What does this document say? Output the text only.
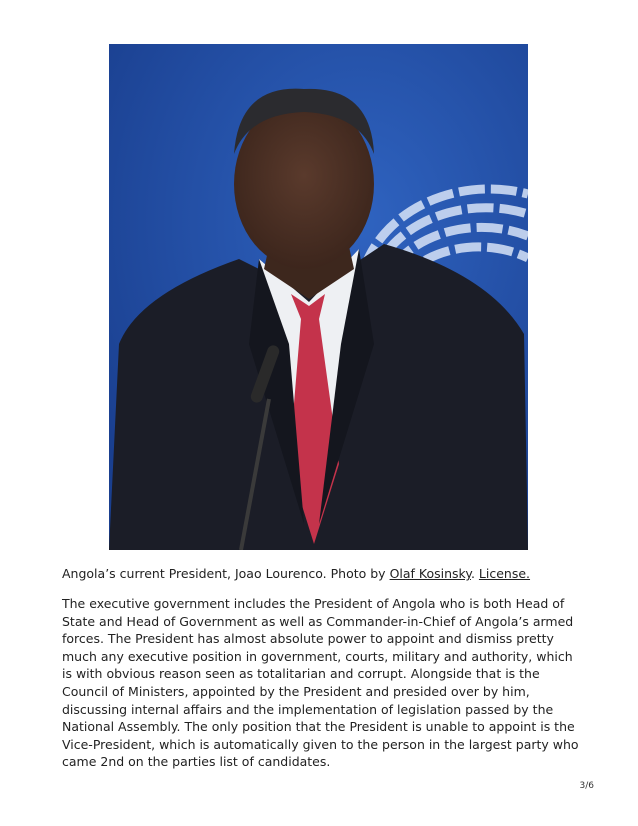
Angola’s current President, Joao Lourenco. Photo by Olaf Kosinsky. License.

The executive government includes the President of Angola who is both Head of State and Head of Government as well as Commander-in-Chief of Angola’s armed forces. The President has almost absolute power to appoint and dismiss pretty much any executive position in government, courts, military and authority, which is with obvious reason seen as totalitarian and corrupt. Alongside that is the Council of Ministers, appointed by the President and presided over by him, discussing internal affairs and the implementation of legislation passed by the National Assembly. The only position that the President is unable to appoint is the Vice-President, which is automatically given to the person in the largest party who came 2nd on the parties list of candidates.

3/6
